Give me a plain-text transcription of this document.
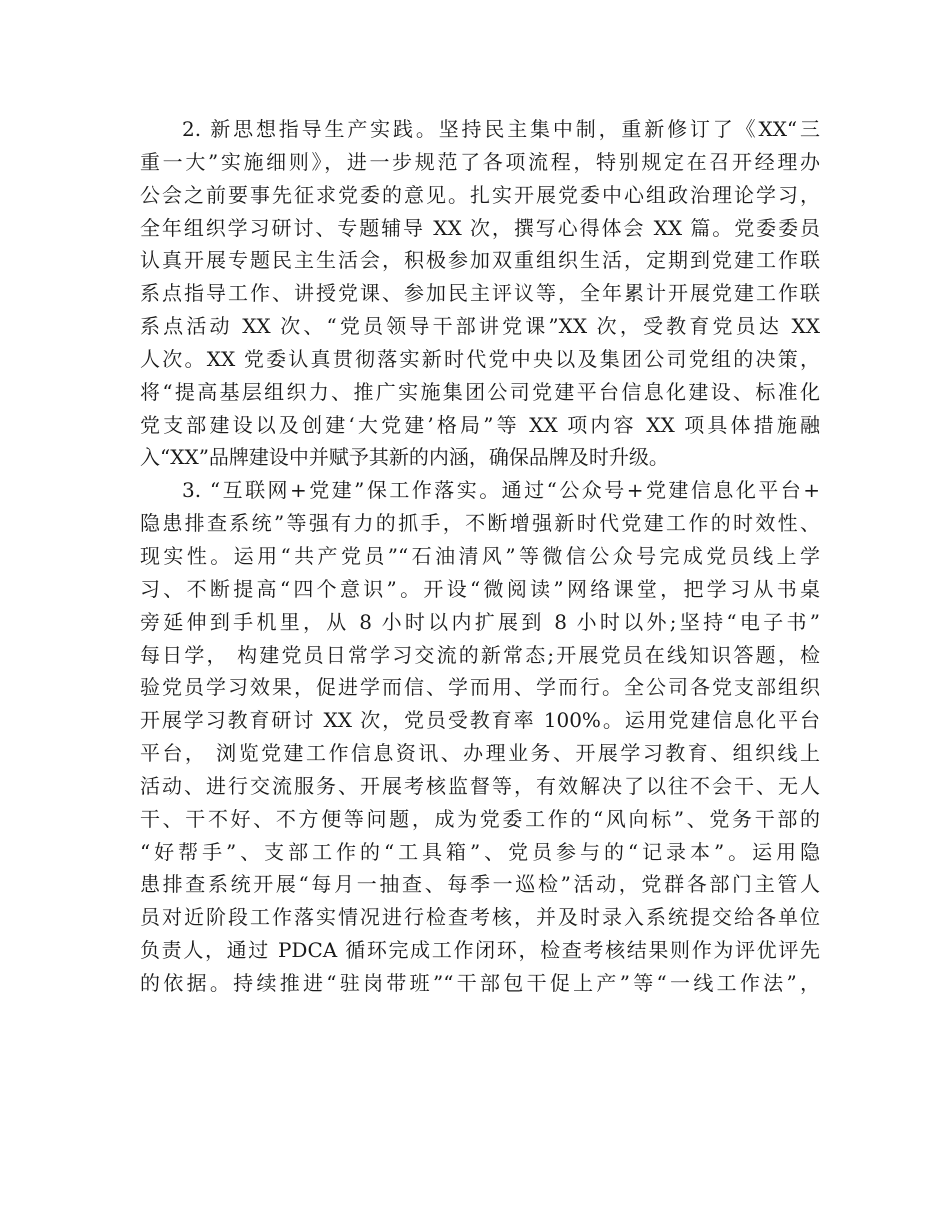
2. 新思想指导生产实践。坚持民主集中制，重新修订了《XX“三
重一大”实施细则》，进一步规范了各项流程，特别规定在召开经理办
公会之前要事先征求党委的意见。扎实开展党委中心组政治理论学习，
全年组织学习研讨、专题辅导 XX 次，撰写心得体会 XX 篇。党委委员
认真开展专题民主生活会，积极参加双重组织生活，定期到党建工作联
系点指导工作、讲授党课、参加民主评议等，全年累计开展党建工作联
系点活动 XX 次、“党员领导干部讲党课”XX 次，受教育党员达 XX
人次。XX 党委认真贯彻落实新时代党中央以及集团公司党组的决策，
将“提高基层组织力、推广实施集团公司党建平台信息化建设、标准化
党支部建设以及创建‘大党建’格局”等 XX 项内容 XX 项具体措施融
入“XX”品牌建设中并赋予其新的内涵，确保品牌及时升级。
3. “互联网+党建”保工作落实。通过“公众号+党建信息化平台+
隐患排查系统”等强有力的抓手，不断增强新时代党建工作的时效性、
现实性。运用“共产党员”“石油清风”等微信公众号完成党员线上学
习、不断提高“四个意识”。开设“微阅读”网络课堂，把学习从书桌
旁延伸到手机里，从 8 小时以内扩展到 8 小时以外;坚持“电子书”
每日学， 构建党员日常学习交流的新常态;开展党员在线知识答题，检
验党员学习效果，促进学而信、学而用、学而行。全公司各党支部组织
开展学习教育研讨 XX 次，党员受教育率 100%。运用党建信息化平台
平台， 浏览党建工作信息资讯、办理业务、开展学习教育、组织线上
活动、进行交流服务、开展考核监督等，有效解决了以往不会干、无人
干、干不好、不方便等问题，成为党委工作的“风向标”、党务干部的
“好帮手”、支部工作的“工具箱”、党员参与的“记录本”。运用隐
患排查系统开展“每月一抽查、每季一巡检”活动，党群各部门主管人
员对近阶段工作落实情况进行检查考核，并及时录入系统提交给各单位
负责人，通过 PDCA 循环完成工作闭环，检查考核结果则作为评优评先
的依据。持续推进“驻岗带班”“干部包干促上产”等“一线工作法”，
